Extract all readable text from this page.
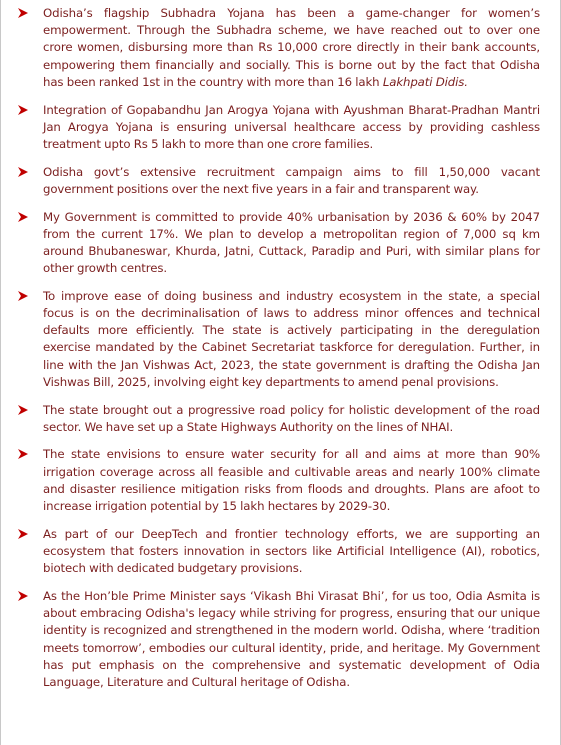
Odisha’s flagship Subhadra Yojana has been a game-changer for women’s empowerment. Through the Subhadra scheme, we have reached out to over one crore women, disbursing more than Rs 10,000 crore directly in their bank accounts, empowering them financially and socially. This is borne out by the fact that Odisha has been ranked 1st in the country with more than 16 lakh Lakhpati Didis.
Integration of Gopabandhu Jan Arogya Yojana with Ayushman Bharat-Pradhan Mantri Jan Arogya Yojana is ensuring universal healthcare access by providing cashless treatment upto Rs 5 lakh to more than one crore families.
Odisha govt’s extensive recruitment campaign aims to fill 1,50,000 vacant government positions over the next five years in a fair and transparent way.
My Government is committed to provide 40% urbanisation by 2036 & 60% by 2047 from the current 17%. We plan to develop a metropolitan region of 7,000 sq km around Bhubaneswar, Khurda, Jatni, Cuttack, Paradip and Puri, with similar plans for other growth centres.
To improve ease of doing business and industry ecosystem in the state, a special focus is on the decriminalisation of laws to address minor offences and technical defaults more efficiently. The state is actively participating in the deregulation exercise mandated by the Cabinet Secretariat taskforce for deregulation. Further, in line with the Jan Vishwas Act, 2023, the state government is drafting the Odisha Jan Vishwas Bill, 2025, involving eight key departments to amend penal provisions.
The state brought out a progressive road policy for holistic development of the road sector. We have set up a State Highways Authority on the lines of NHAI.
The state envisions to ensure water security for all and aims at more than 90% irrigation coverage across all feasible and cultivable areas and nearly 100% climate and disaster resilience mitigation risks from floods and droughts. Plans are afoot to increase irrigation potential by 15 lakh hectares by 2029-30.
As part of our DeepTech and frontier technology efforts, we are supporting an ecosystem that fosters innovation in sectors like Artificial Intelligence (AI), robotics, biotech with dedicated budgetary provisions.
As the Hon’ble Prime Minister says ‘Vikash Bhi Virasat Bhi’, for us too, Odia Asmita is about embracing Odisha's legacy while striving for progress, ensuring that our unique identity is recognized and strengthened in the modern world. Odisha, where ‘tradition meets tomorrow’, embodies our cultural identity, pride, and heritage. My Government has put emphasis on the comprehensive and systematic development of Odia Language, Literature and Cultural heritage of Odisha.
